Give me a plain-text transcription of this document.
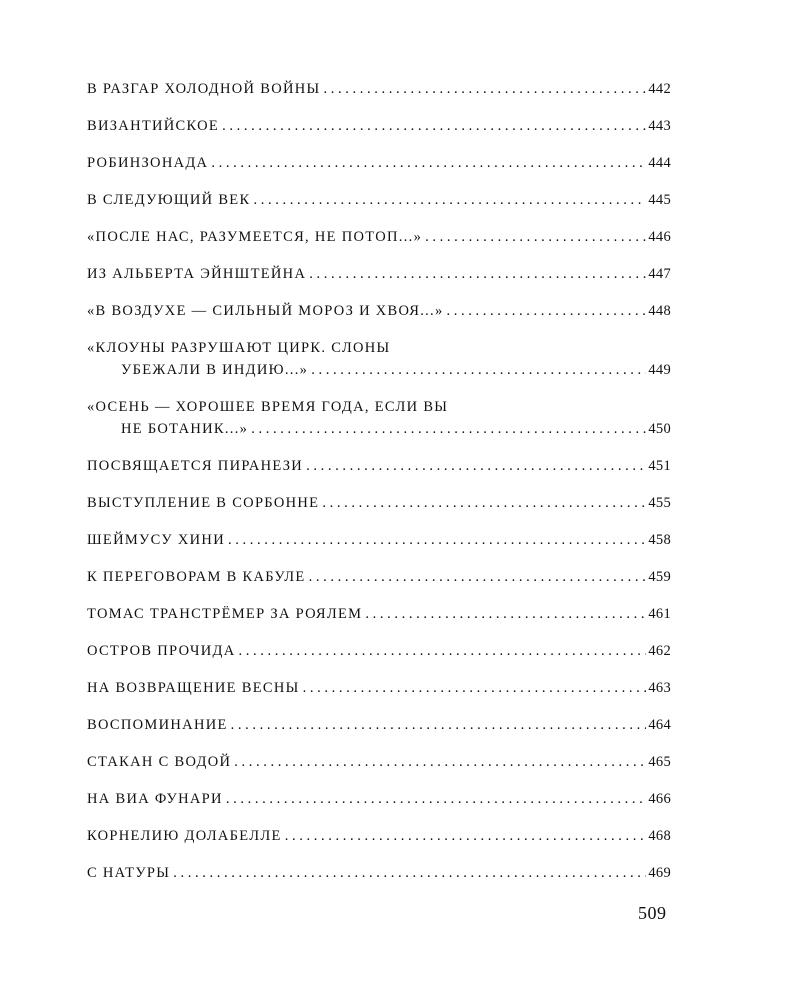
В РАЗГАР ХОЛОДНОЙ ВОЙНЫ . . .	442
ВИЗАНТИЙСКОЕ . . .	443
РОБИНЗОНАДА . . .	444
В СЛЕДУЮЩИЙ ВЕК . . .	445
«ПОСЛЕ НАС, РАЗУМЕЕТСЯ, НЕ ПОТОП...» . . .	446
ИЗ АЛЬБЕРТА ЭЙНШТЕЙНА . . .	447
«В ВОЗДУХЕ — СИЛЬНЫЙ МОРОЗ И ХВОЯ...» . . .	448
«КЛОУНЫ РАЗРУШАЮТ ЦИРК. СЛОНЫ
УБЕЖАЛИ В ИНДИЮ...» . . .	449
«ОСЕНЬ — ХОРОШЕЕ ВРЕМЯ ГОДА, ЕСЛИ ВЫ
НЕ БОТАНИК...» . . .	450
ПОСВЯЩАЕТСЯ ПИРАНЕЗИ . . .	451
ВЫСТУПЛЕНИЕ В СОРБОННЕ . . .	455
ШЕЙМУСУ ХИНИ . . .	458
К ПЕРЕГОВОРАМ В КАБУЛЕ . . .	459
ТОМАС ТРАНСТРЁМЕР ЗА РОЯЛЕМ . . .	461
ОСТРОВ ПРОЧИДА . . .	462
НА ВОЗВРАЩЕНИЕ ВЕСНЫ . . .	463
ВОСПОМИНАНИЕ . . .	464
СТАКАН С ВОДОЙ . . .	465
НА ВИА ФУНАРИ . . .	466
КОРНЕЛИЮ ДОЛАБЕЛЛЕ . . .	468
С НАТУРЫ . . .	469
509
